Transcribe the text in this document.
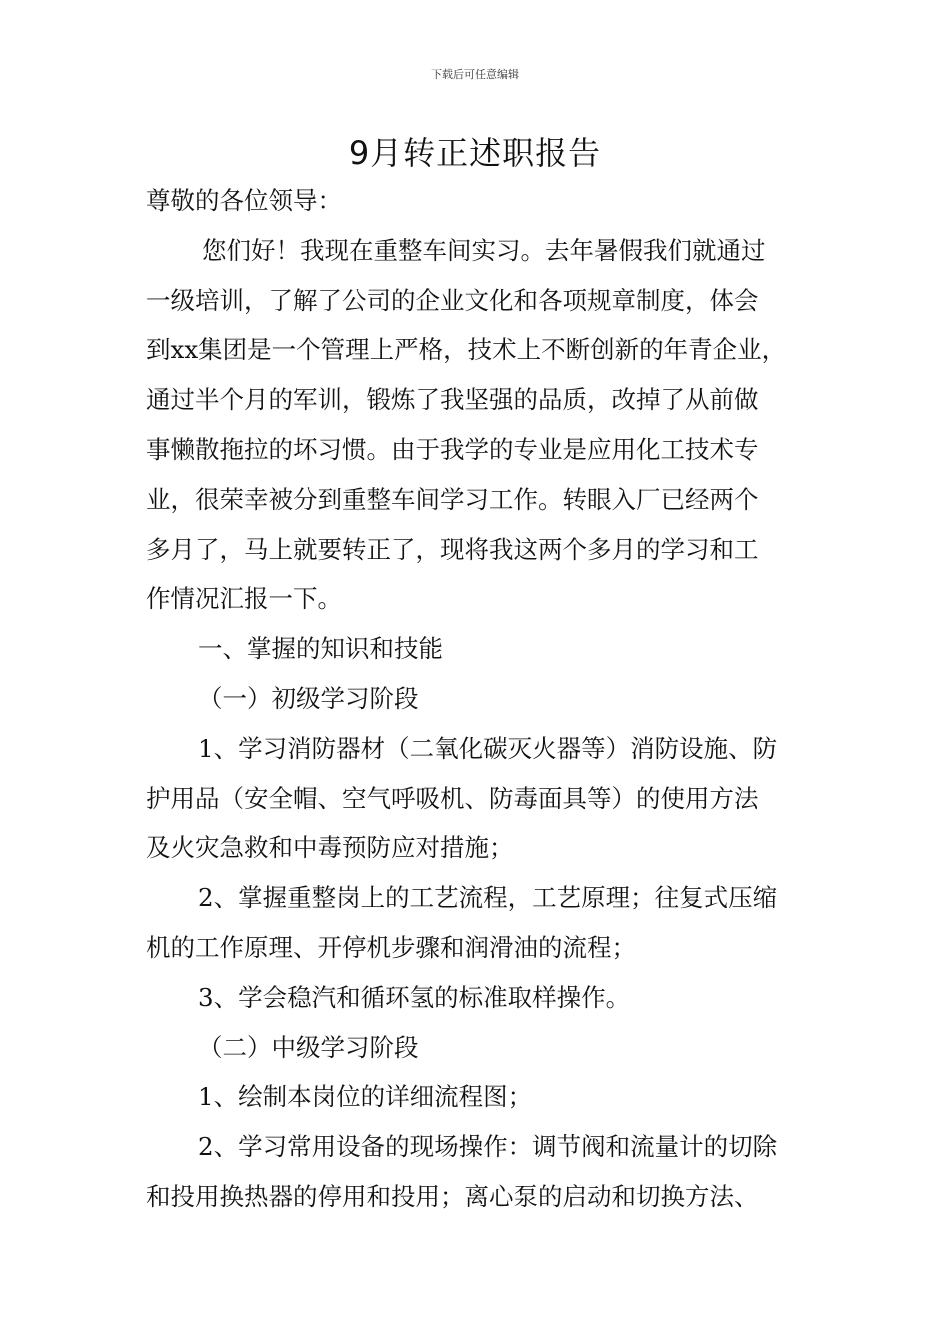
下载后可任意编辑
9月转正述职报告
尊敬的各位领导：
您们好！我现在重整车间实习。去年暑假我们就通过
一级培训，了解了公司的企业文化和各项规章制度，体会
到xx集团是一个管理上严格，技术上不断创新的年青企业，
通过半个月的军训，锻炼了我坚强的品质，改掉了从前做
事懒散拖拉的坏习惯。由于我学的专业是应用化工技术专
业，很荣幸被分到重整车间学习工作。转眼入厂已经两个
多月了，马上就要转正了，现将我这两个多月的学习和工
作情况汇报一下。
一、掌握的知识和技能
（一）初级学习阶段
1、学习消防器材（二氧化碳灭火器等）消防设施、防
护用品（安全帽、空气呼吸机、防毒面具等）的使用方法
及火灾急救和中毒预防应对措施；
2、掌握重整岗上的工艺流程，工艺原理；往复式压缩
机的工作原理、开停机步骤和润滑油的流程；
3、学会稳汽和循环氢的标准取样操作。
（二）中级学习阶段
1、绘制本岗位的详细流程图；
2、学习常用设备的现场操作：调节阀和流量计的切除
和投用换热器的停用和投用；离心泵的启动和切换方法、
